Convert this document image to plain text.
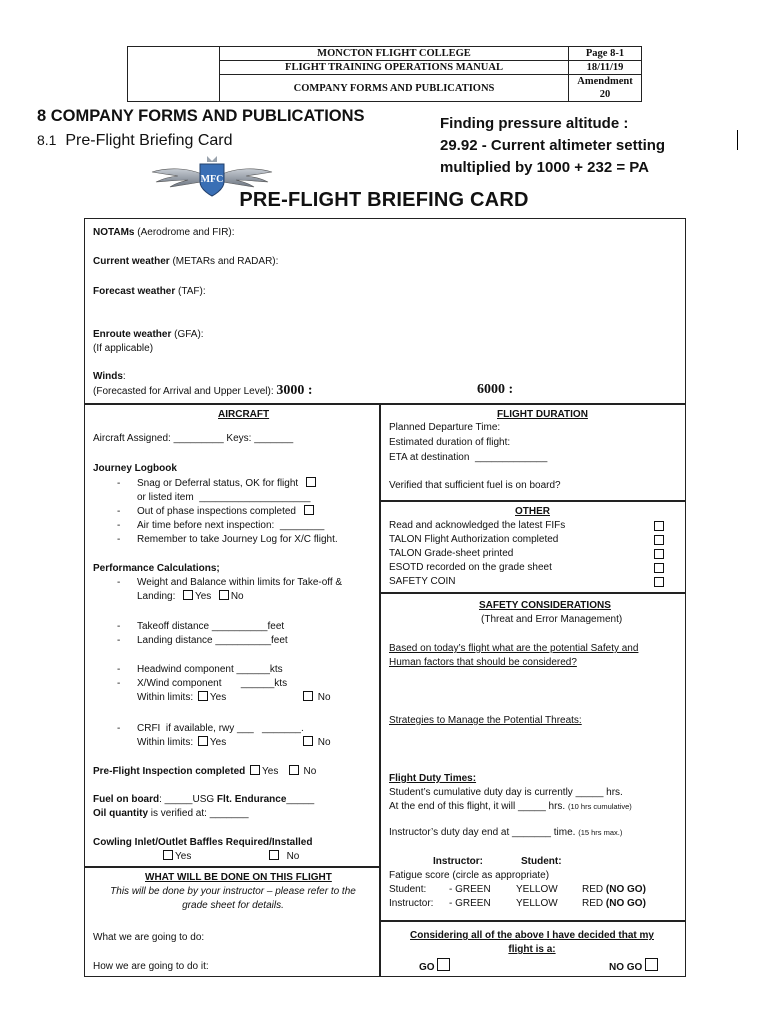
	MONCTON FLIGHT COLLEGE	Page 8-1
	FLIGHT TRAINING OPERATIONS MANUAL	18/11/19
	COMPANY FORMS AND PUBLICATIONS	Amendment 20
8 COMPANY FORMS AND PUBLICATIONS
8.1 Pre-Flight Briefing Card
Finding pressure altitude :
29.92 - Current altimeter setting
multiplied by 1000 + 232 = PA
MFC
PRE-FLIGHT BRIEFING CARD
NOTAMs (Aerodrome and FIR):
Current weather (METARs and RADAR):
Forecast weather (TAF):
Enroute weather (GFA):
(If applicable)
Winds:
(Forecasted for Arrival and Upper Level): 3000 :	6000 :
AIRCRAFT
Aircraft Assigned: _________ Keys: _______
Journey Logbook
- Snag or Deferral status, OK for flight
or listed item  ____________________
- Out of phase inspections completed
- Air time before next inspection:  ________
- Remember to take Journey Log for X/C flight.
Performance Calculations;
- Weight and Balance within limits for Take-off &
Landing: Yes No
- Takeoff distance __________feet
- Landing distance __________feet
- Headwind component ______kts
- X/Wind component       ______kts
Within limits: Yes	No
- CRFI  if available, rwy ___   _______.
Within limits: Yes	No
Pre-Flight Inspection completed Yes	No
Fuel on board: _____USG Flt. Endurance_____
Oil quantity is verified at: _______
Cowling Inlet/Outlet Baffles Required/Installed
Yes	No
WHAT WILL BE DONE ON THIS FLIGHT
This will be done by your instructor – please refer to the
grade sheet for details.
What we are going to do:
How we are going to do it:
FLIGHT DURATION
Planned Departure Time:
Estimated duration of flight:
ETA at destination  _____________
Verified that sufficient fuel is on board?
OTHER
Read and acknowledged the latest FIFs
TALON Flight Authorization completed
TALON Grade-sheet printed
ESOTD recorded on the grade sheet
SAFETY COIN
SAFETY CONSIDERATIONS
(Threat and Error Management)
Based on today’s flight what are the potential Safety and
Human factors that should be considered?
Strategies to Manage the Potential Threats:
Flight Duty Times:
Student’s cumulative duty day is currently _____ hrs.
At the end of this flight, it will _____ hrs. (10 hrs cumulative)
Instructor’s duty day end at _______ time. (15 hrs max.)
Instructor:	Student:
Fatigue score (circle as appropriate)
Student: - GREEN	YELLOW RED (NO GO)
Instructor: - GREEN	YELLOW RED (NO GO)
Considering all of the above I have decided that my
flight is a:
GO	NO GO
